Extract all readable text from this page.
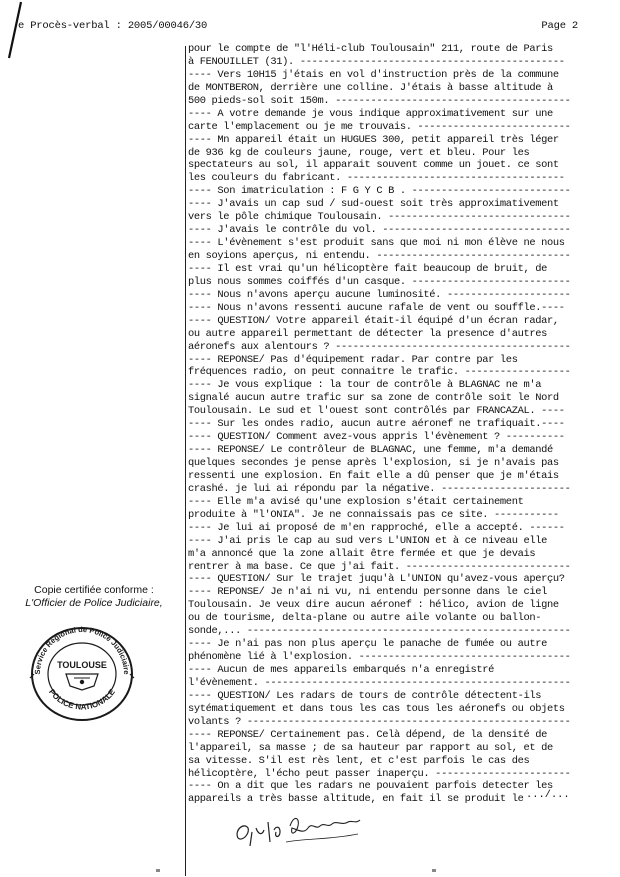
e Procès-verbal : 2005/00046/30	Page 2
pour le compte de "l'Héli-club Toulousain" 211, route de Paris
à FENOUILLET (31). ---------------------------------------------
---- Vers 10H15 j'étais en vol d'instruction près de la commune
de MONTBERON, derrière une colline. J'étais à basse altitude à
500 pieds-sol soit 150m. ----------------------------------------
---- A votre demande je vous indique approximativement sur une
carte l'emplacement ou je me trouvais. --------------------------
---- Mn appareil était un HUGUES 300, petit appareil très léger
de 936 kg de couleurs jaune, rouge, vert et bleu. Pour les
spectateurs au sol, il apparait souvent comme un jouet. ce sont
les couleurs du fabricant. -------------------------------------
---- Son imatriculation : F G Y C B . ---------------------------
---- J'avais un cap sud / sud-ouest soit très approximativement
vers le pôle chimique Toulousain. -------------------------------
---- J'avais le contrôle du vol. --------------------------------
---- L'évènement s'est produit sans que moi ni mon élève ne nous
en soyions aperçus, ni entendu. ---------------------------------
---- Il est vrai qu'un hélicoptère fait beaucoup de bruit, de
plus nous sommes coiffés d'un casque. ---------------------------
---- Nous n'avons aperçu aucune luminosité. ---------------------
---- Nous n'avons ressenti aucune rafale de vent ou souffle.----
---- QUESTION/ Votre appareil était-il équipé d'un écran radar,
ou autre appareil permettant de détecter la presence d'autres
aéronefs aux alentours ? ----------------------------------------
---- REPONSE/ Pas d'équipement radar. Par contre par les
fréquences radio, on peut connaitre le trafic. ------------------
---- Je vous explique : la tour de contrôle à BLAGNAC ne m'a
signalé aucun autre trafic sur sa zone de contrôle soit le Nord
Toulousain. Le sud et l'ouest sont contrôlés par FRANCAZAL. ----
---- Sur les ondes radio, aucun autre aéronef ne trafiquait.----
---- QUESTION/ Comment avez-vous appris l'évènement ? ----------
---- REPONSE/ Le contrôleur de BLAGNAC, une femme, m'a demandé
quelques secondes je pense après l'explosion, si je n'avais pas
ressenti une explosion. En fait elle a dû penser que je m'étais
crashé. je lui ai répondu par la négative. ----------------------
---- Elle m'a avisé qu'une explosion s'était certainement
produite à "l'ONIA". Je ne connaissais pas ce site. -----------
---- Je lui ai proposé de m'en rapproché, elle a accepté. ------
---- J'ai pris le cap au sud vers L'UNION et à ce niveau elle
m'a annoncé que la zone allait être fermée et que je devais
rentrer à ma base. Ce que j'ai fait. ----------------------------
---- QUESTION/ Sur le trajet juqu'à L'UNION qu'avez-vous aperçu?
---- REPONSE/ Je n'ai ni vu, ni entendu personne dans le ciel
Toulousain. Je veux dire aucun aéronef : hélico, avion de ligne
ou de tourisme, delta-plane ou autre aile volante ou ballon-
sonde,... -------------------------------------------------------
---- Je n'ai pas non plus aperçu le panache de fumée ou autre
phénomène lié à l'explosion. ------------------------------------
---- Aucun de mes appareils embarqués n'a enregistré
l'évènement. ----------------------------------------------------
---- QUESTION/ Les radars de tours de contrôle détectent-ils
sytématiquement et dans tous les cas tous les aéronefs ou objets
volants ? -------------------------------------------------------
---- REPONSE/ Certainement pas. Celà dépend, de la densité de
l'appareil, sa masse ; de sa hauteur par rapport au sol, et de
sa vitesse. S'il est rès lent, et c'est parfois le cas des
hélicoptère, l'écho peut passer inaperçu. -----------------------
---- On a dit que les radars ne pouvaient parfois detecter les
appareils a très basse altitude, en fait il se produit le .../...
Copie certifiée conforme :
L'Officier de Police Judiciaire,
Service Régional de Police Judiciaire
POLICE NATIONALE
TOULOUSE
